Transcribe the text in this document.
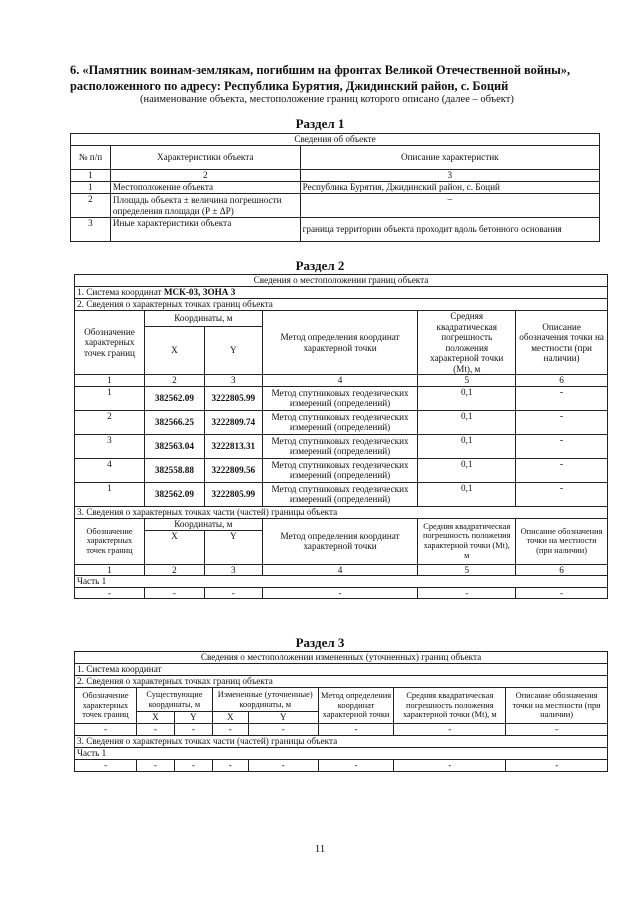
6. «Памятник воинам-землякам, погибшим на фронтах Великой Отечественной войны», расположенного по адресу: Республика Бурятия, Джидинский район, с. Боций
(наименование объекта, местоположение границ которого описано (далее – объект)
Раздел 1
Сведения об объекте		
№ п/п	Характеристики объекта	Описание характеристик
1	2	3
1	Местоположение объекта	Республика Бурятия, Джидинский район, с. Боций
2	Площадь объекта ± величина погрешности определения площади (Р ± ΔР)	–
3	Иные характеристики объекта	граница территории объекта проходит вдоль бетонного основания
Раздел 2
Сведения о местоположении границ объекта					
1. Система координат МСК-03, ЗОНА 3					
2. Сведения о характерных точках границ объекта					
Обозначение характерных точек границ	Координаты, м		Метод определения координат характерной точки	Средняя квадратическая погрешность положения характерной точки (Mt), м	Описание обозначения точки на местности (при наличии)
	X	Y			
1	2	3	4	5	6
1	382562.09	3222805.99	Метод спутниковых геодезических измерений (определений)	0,1	-
2	382566.25	3222809.74	Метод спутниковых геодезических измерений (определений)	0,1	-
3	382563.04	3222813.31	Метод спутниковых геодезических измерений (определений)	0,1	-
4	382558.88	3222809.56	Метод спутниковых геодезических измерений (определений)	0,1	-
1	382562.09	3222805.99	Метод спутниковых геодезических измерений (определений)	0,1	-
3. Сведения о характерных точках части (частей) границы объекта					
Обозначение характерных точек границ	Координаты, м		Метод определения координат характерной точки	Средняя квадратическая погрешность положения характерной точки (Mt), м	Описание обозначения точки на местности (при наличии)
	X	Y			
1	2	3	4	5	6
Часть 1					
-	-	-	-	-	-
Раздел 3
Сведения о местоположении измененных (уточненных) границ объекта							
1. Система координат							
2. Сведения о характерных точках границ объекта							
Обозначение характерных точек границ	Существующие координаты, м		Измененные (уточненные) координаты, м		Метод определения координат характерной точки	Средняя квадратическая погрешность положения характерной точки (Mt), м	Описание обозначения точки на местности (при наличии)
	X	Y	X	Y			
-	-	-	-	-	-	-	-
3. Сведения о характерных точках части (частей) границы объекта							
Часть 1							
-	-	-	-	-	-	-	-
11
